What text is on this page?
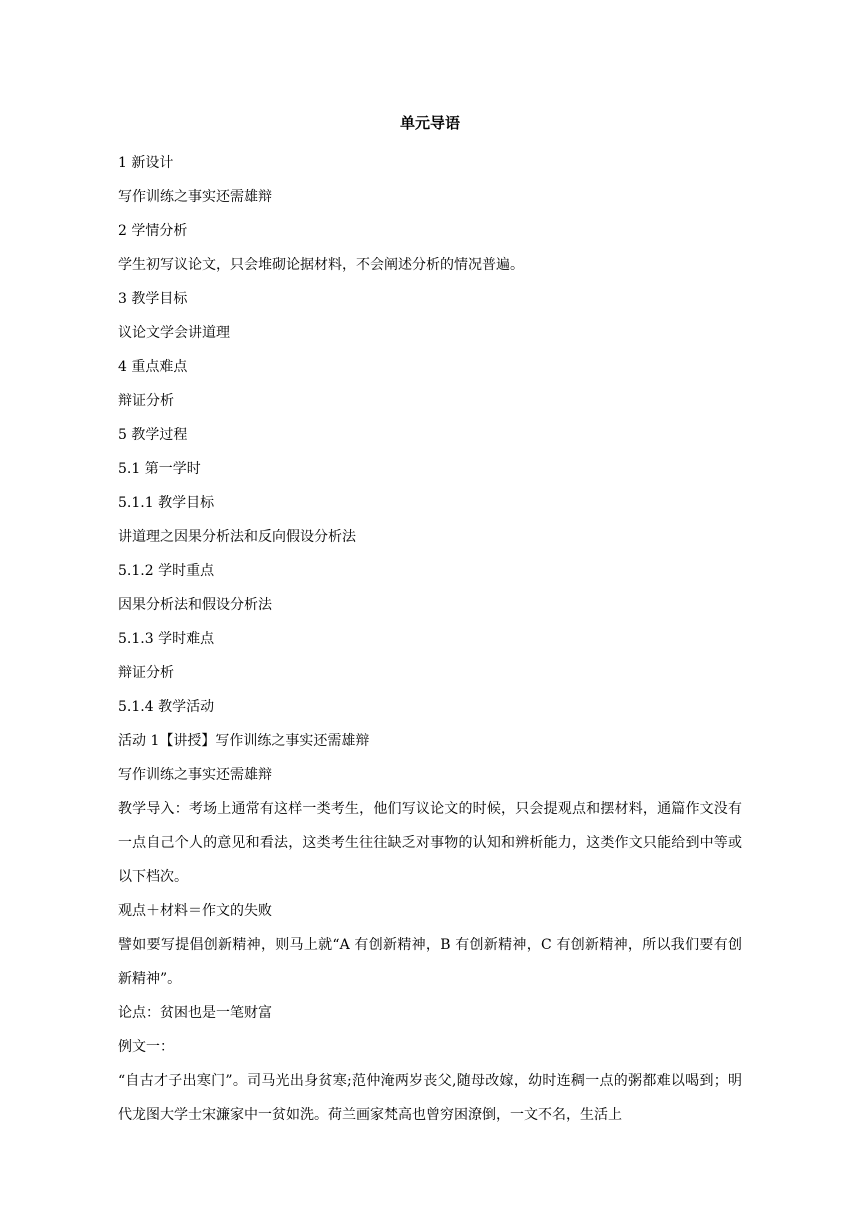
单元导语

1 新设计

写作训练之事实还需雄辩

2 学情分析

学生初写议论文，只会堆砌论据材料，不会阐述分析的情况普遍。

3 教学目标

议论文学会讲道理

4 重点难点

辩证分析

5 教学过程

5.1 第一学时

5.1.1 教学目标

讲道理之因果分析法和反向假设分析法

5.1.2 学时重点

因果分析法和假设分析法

5.1.3 学时难点

辩证分析

5.1.4 教学活动

活动 1【讲授】写作训练之事实还需雄辩

写作训练之事实还需雄辩

教学导入：考场上通常有这样一类考生，他们写议论文的时候，只会提观点和摆材料，通篇作文没有一点自己个人的意见和看法，这类考生往往缺乏对事物的认知和辨析能力，这类作文只能给到中等或以下档次。

观点＋材料＝作文的失败

譬如要写提倡创新精神，则马上就“A 有创新精神，B 有创新精神，C 有创新精神，所以我们要有创新精神”。

论点：贫困也是一笔财富

例文一：

“自古才子出寒门”。司马光出身贫寒;范仲淹两岁丧父,随母改嫁，幼时连稠一点的粥都难以喝到；明代龙图大学士宋濂家中一贫如洗。荷兰画家梵高也曾穷困潦倒，一文不名，生活上
